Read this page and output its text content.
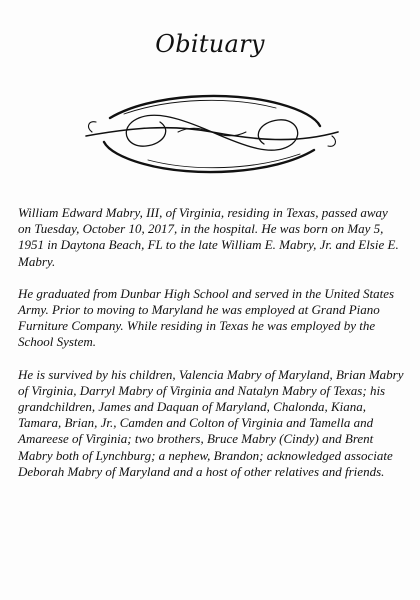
Obituary

William Edward Mabry, III, of Virginia, residing in Texas, passed away on Tuesday, October 10, 2017, in the hospital. He was born on May 5, 1951 in Daytona Beach, FL to the late William E. Mabry, Jr. and Elsie E. Mabry.

He graduated from Dunbar High School and served in the United States Army. Prior to moving to Maryland he was employed at Grand Piano Furniture Company. While residing in Texas he was employed by the School System.

He is survived by his children, Valencia Mabry of Maryland, Brian Mabry of Virginia, Darryl Mabry of Virginia and Natalyn Mabry of Texas; his grandchildren, James and Daquan of Maryland, Chalonda, Kiana, Tamara, Brian, Jr., Camden and Colton of Virginia and Tamella and Amareese of Virginia; two brothers, Bruce Mabry (Cindy) and Brent Mabry both of Lynchburg; a nephew, Brandon; acknowledged associate Deborah Mabry of Maryland and a host of other relatives and friends.
